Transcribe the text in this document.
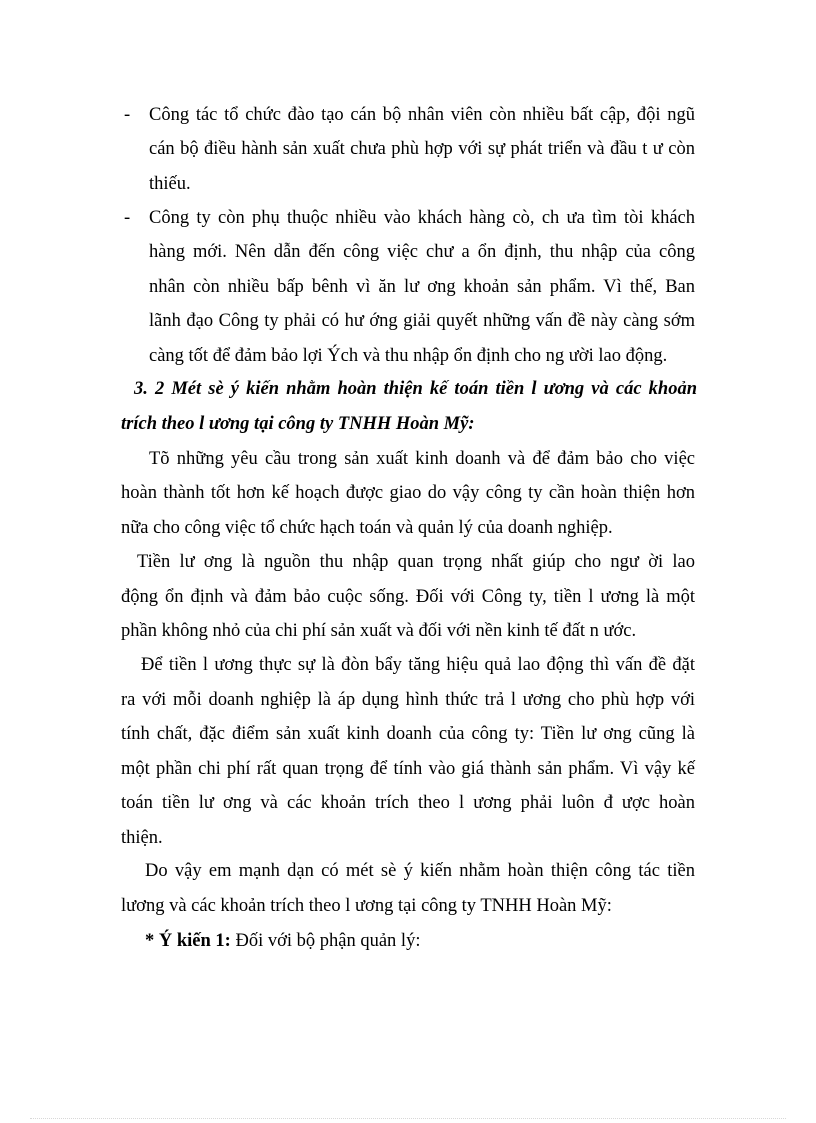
- Công tác tổ chức đào tạo cán bộ nhân viên còn nhiều bất cập, đội ngũ
cán bộ điều hành sản xuất chưa phù hợp với sự phát triển và đầu t ư còn
thiếu.
- Công ty còn phụ thuộc nhiều vào khách hàng cò, ch ưa tìm tòi khách
hàng mới. Nên dẫn đến công việc chư a ổn định, thu nhập của công
nhân còn nhiều bấp bênh vì ăn lư ơng khoản sản phẩm. Vì thế, Ban
lãnh đạo Công ty phải có hư ớng giải quyết những vấn đề này càng sớm
càng tốt để đảm bảo lợi Ých và thu nhập ổn định cho ng ười lao động.
3. 2 Mét sè ý kiến nhằm hoàn thiện kế toán tiền l ương và các khoản
trích theo l ương tại công ty TNHH Hoàn Mỹ:
Tõ những yêu cầu trong sản xuất kinh doanh và để đảm bảo cho việc
hoàn thành tốt hơn kế hoạch được giao do vậy công ty cần hoàn thiện hơn
nữa cho công việc tổ chức hạch toán và quản lý của doanh nghiệp.
Tiền lư ơng là nguồn thu nhập quan trọng nhất giúp cho ngư ời lao
động ổn định và đảm bảo cuộc sống. Đối với Công ty, tiền l ương là một
phần không nhỏ của chi phí sản xuất và đối với nền kinh tế đất n ước.
Để tiền l ương thực sự là đòn bẩy tăng hiệu quả lao động thì vấn đề đặt
ra với mỗi doanh nghiệp là áp dụng hình thức trả l ương cho phù hợp với
tính chất, đặc điểm sản xuất kinh doanh của công ty: Tiền lư ơng cũng là
một phần chi phí rất quan trọng để tính vào giá thành sản phẩm. Vì vậy kế
toán tiền lư ơng và các khoản trích theo l ương phải luôn đ ược hoàn
thiện.
Do vậy em mạnh dạn có mét sè ý kiến nhằm hoàn thiện công tác tiền
lương và các khoản trích theo l ương tại công ty TNHH Hoàn Mỹ:
* Ý kiến 1: Đối với bộ phận quản lý:
